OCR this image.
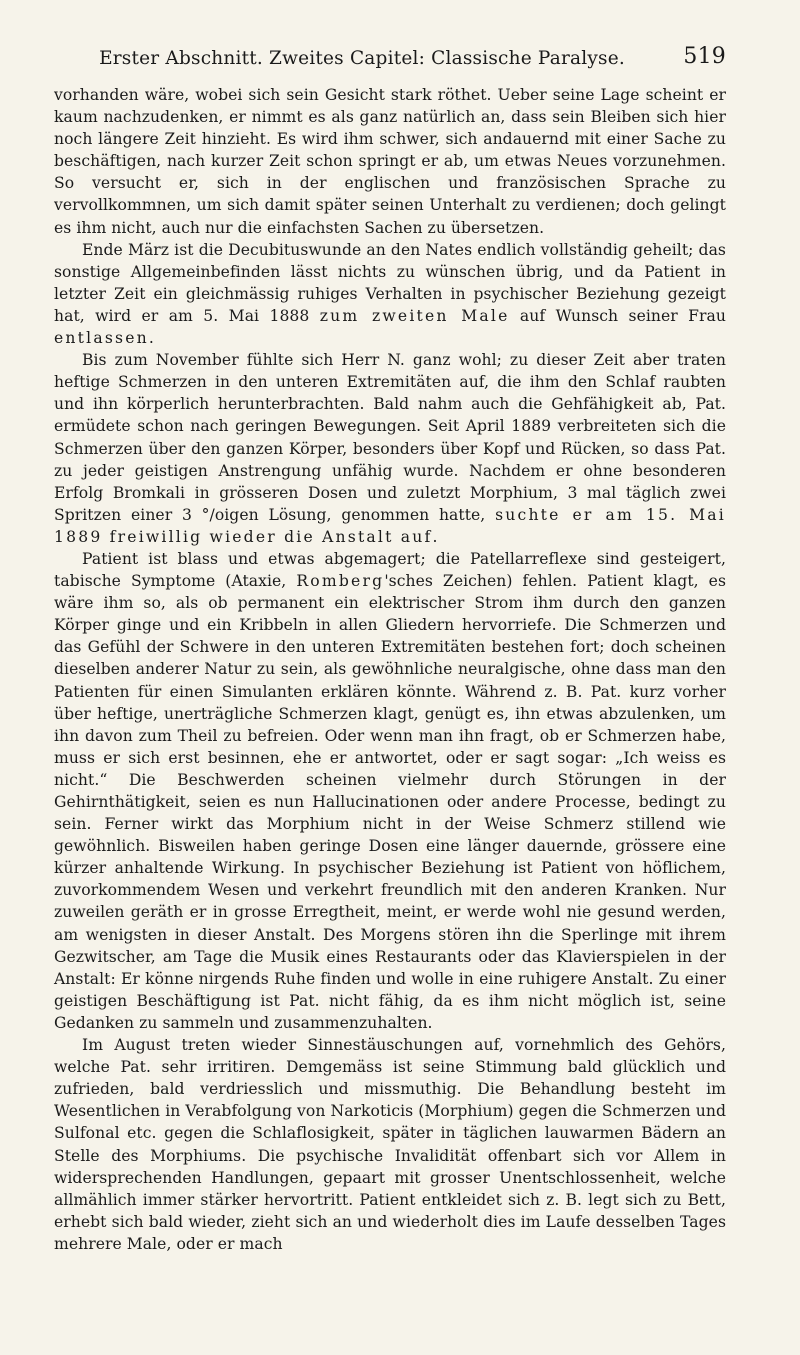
Erster Abschnitt. Zweites Capitel: Classische Paralyse.	519

vorhanden wäre, wobei sich sein Gesicht stark röthet. Ueber seine Lage scheint er kaum nachzudenken, er nimmt es als ganz natürlich an, dass sein Bleiben sich hier noch längere Zeit hinzieht. Es wird ihm schwer, sich andauernd mit einer Sache zu beschäftigen, nach kurzer Zeit schon springt er ab, um etwas Neues vorzunehmen. So versucht er, sich in der englischen und französischen Sprache zu vervollkommnen, um sich damit später seinen Unterhalt zu verdienen; doch gelingt es ihm nicht, auch nur die einfachsten Sachen zu übersetzen.

Ende März ist die Decubituswunde an den Nates endlich vollständig geheilt; das sonstige Allgemeinbefinden lässt nichts zu wünschen übrig, und da Patient in letzter Zeit ein gleichmässig ruhiges Verhalten in psychischer Beziehung gezeigt hat, wird er am 5. Mai 1888 zum zweiten Male auf Wunsch seiner Frau entlassen.

Bis zum November fühlte sich Herr N. ganz wohl; zu dieser Zeit aber traten heftige Schmerzen in den unteren Extremitäten auf, die ihm den Schlaf raubten und ihn körperlich herunterbrachten. Bald nahm auch die Gehfähigkeit ab, Pat. ermüdete schon nach geringen Bewegungen. Seit April 1889 verbreiteten sich die Schmerzen über den ganzen Körper, besonders über Kopf und Rücken, so dass Pat. zu jeder geistigen Anstrengung unfähig wurde. Nachdem er ohne besonderen Erfolg Bromkali in grösseren Dosen und zuletzt Morphium, 3 mal täglich zwei Spritzen einer 3 °/oigen Lösung, genommen hatte, suchte er am 15. Mai 1889 freiwillig wieder die Anstalt auf.

Patient ist blass und etwas abgemagert; die Patellarreflexe sind gesteigert, tabische Symptome (Ataxie, Romberg'sches Zeichen) fehlen. Patient klagt, es wäre ihm so, als ob permanent ein elektrischer Strom ihm durch den ganzen Körper ginge und ein Kribbeln in allen Gliedern hervorriefe. Die Schmerzen und das Gefühl der Schwere in den unteren Extremitäten bestehen fort; doch scheinen dieselben anderer Natur zu sein, als gewöhnliche neuralgische, ohne dass man den Patienten für einen Simulanten erklären könnte. Während z. B. Pat. kurz vorher über heftige, unerträgliche Schmerzen klagt, genügt es, ihn etwas abzulenken, um ihn davon zum Theil zu befreien. Oder wenn man ihn fragt, ob er Schmerzen habe, muss er sich erst besinnen, ehe er antwortet, oder er sagt sogar: „Ich weiss es nicht.“ Die Beschwerden scheinen vielmehr durch Störungen in der Gehirnthätigkeit, seien es nun Hallucinationen oder andere Processe, bedingt zu sein. Ferner wirkt das Morphium nicht in der Weise Schmerz stillend wie gewöhnlich. Bisweilen haben geringe Dosen eine länger dauernde, grössere eine kürzer anhaltende Wirkung. In psychischer Beziehung ist Patient von höflichem, zuvorkommendem Wesen und verkehrt freundlich mit den anderen Kranken. Nur zuweilen geräth er in grosse Erregtheit, meint, er werde wohl nie gesund werden, am wenigsten in dieser Anstalt. Des Morgens stören ihn die Sperlinge mit ihrem Gezwitscher, am Tage die Musik eines Restaurants oder das Klavierspielen in der Anstalt: Er könne nirgends Ruhe finden und wolle in eine ruhigere Anstalt. Zu einer geistigen Beschäftigung ist Pat. nicht fähig, da es ihm nicht möglich ist, seine Gedanken zu sammeln und zusammenzuhalten.

Im August treten wieder Sinnestäuschungen auf, vornehmlich des Gehörs, welche Pat. sehr irritiren. Demgemäss ist seine Stimmung bald glücklich und zufrieden, bald verdriesslich und missmuthig. Die Behandlung besteht im Wesentlichen in Verabfolgung von Narkoticis (Morphium) gegen die Schmerzen und Sulfonal etc. gegen die Schlaflosigkeit, später in täglichen lauwarmen Bädern an Stelle des Morphiums. Die psychische Invalidität offenbart sich vor Allem in widersprechenden Handlungen, gepaart mit grosser Unentschlossenheit, welche allmählich immer stärker hervortritt. Patient entkleidet sich z. B. legt sich zu Bett, erhebt sich bald wieder, zieht sich an und wiederholt dies im Laufe desselben Tages mehrere Male, oder er mach
